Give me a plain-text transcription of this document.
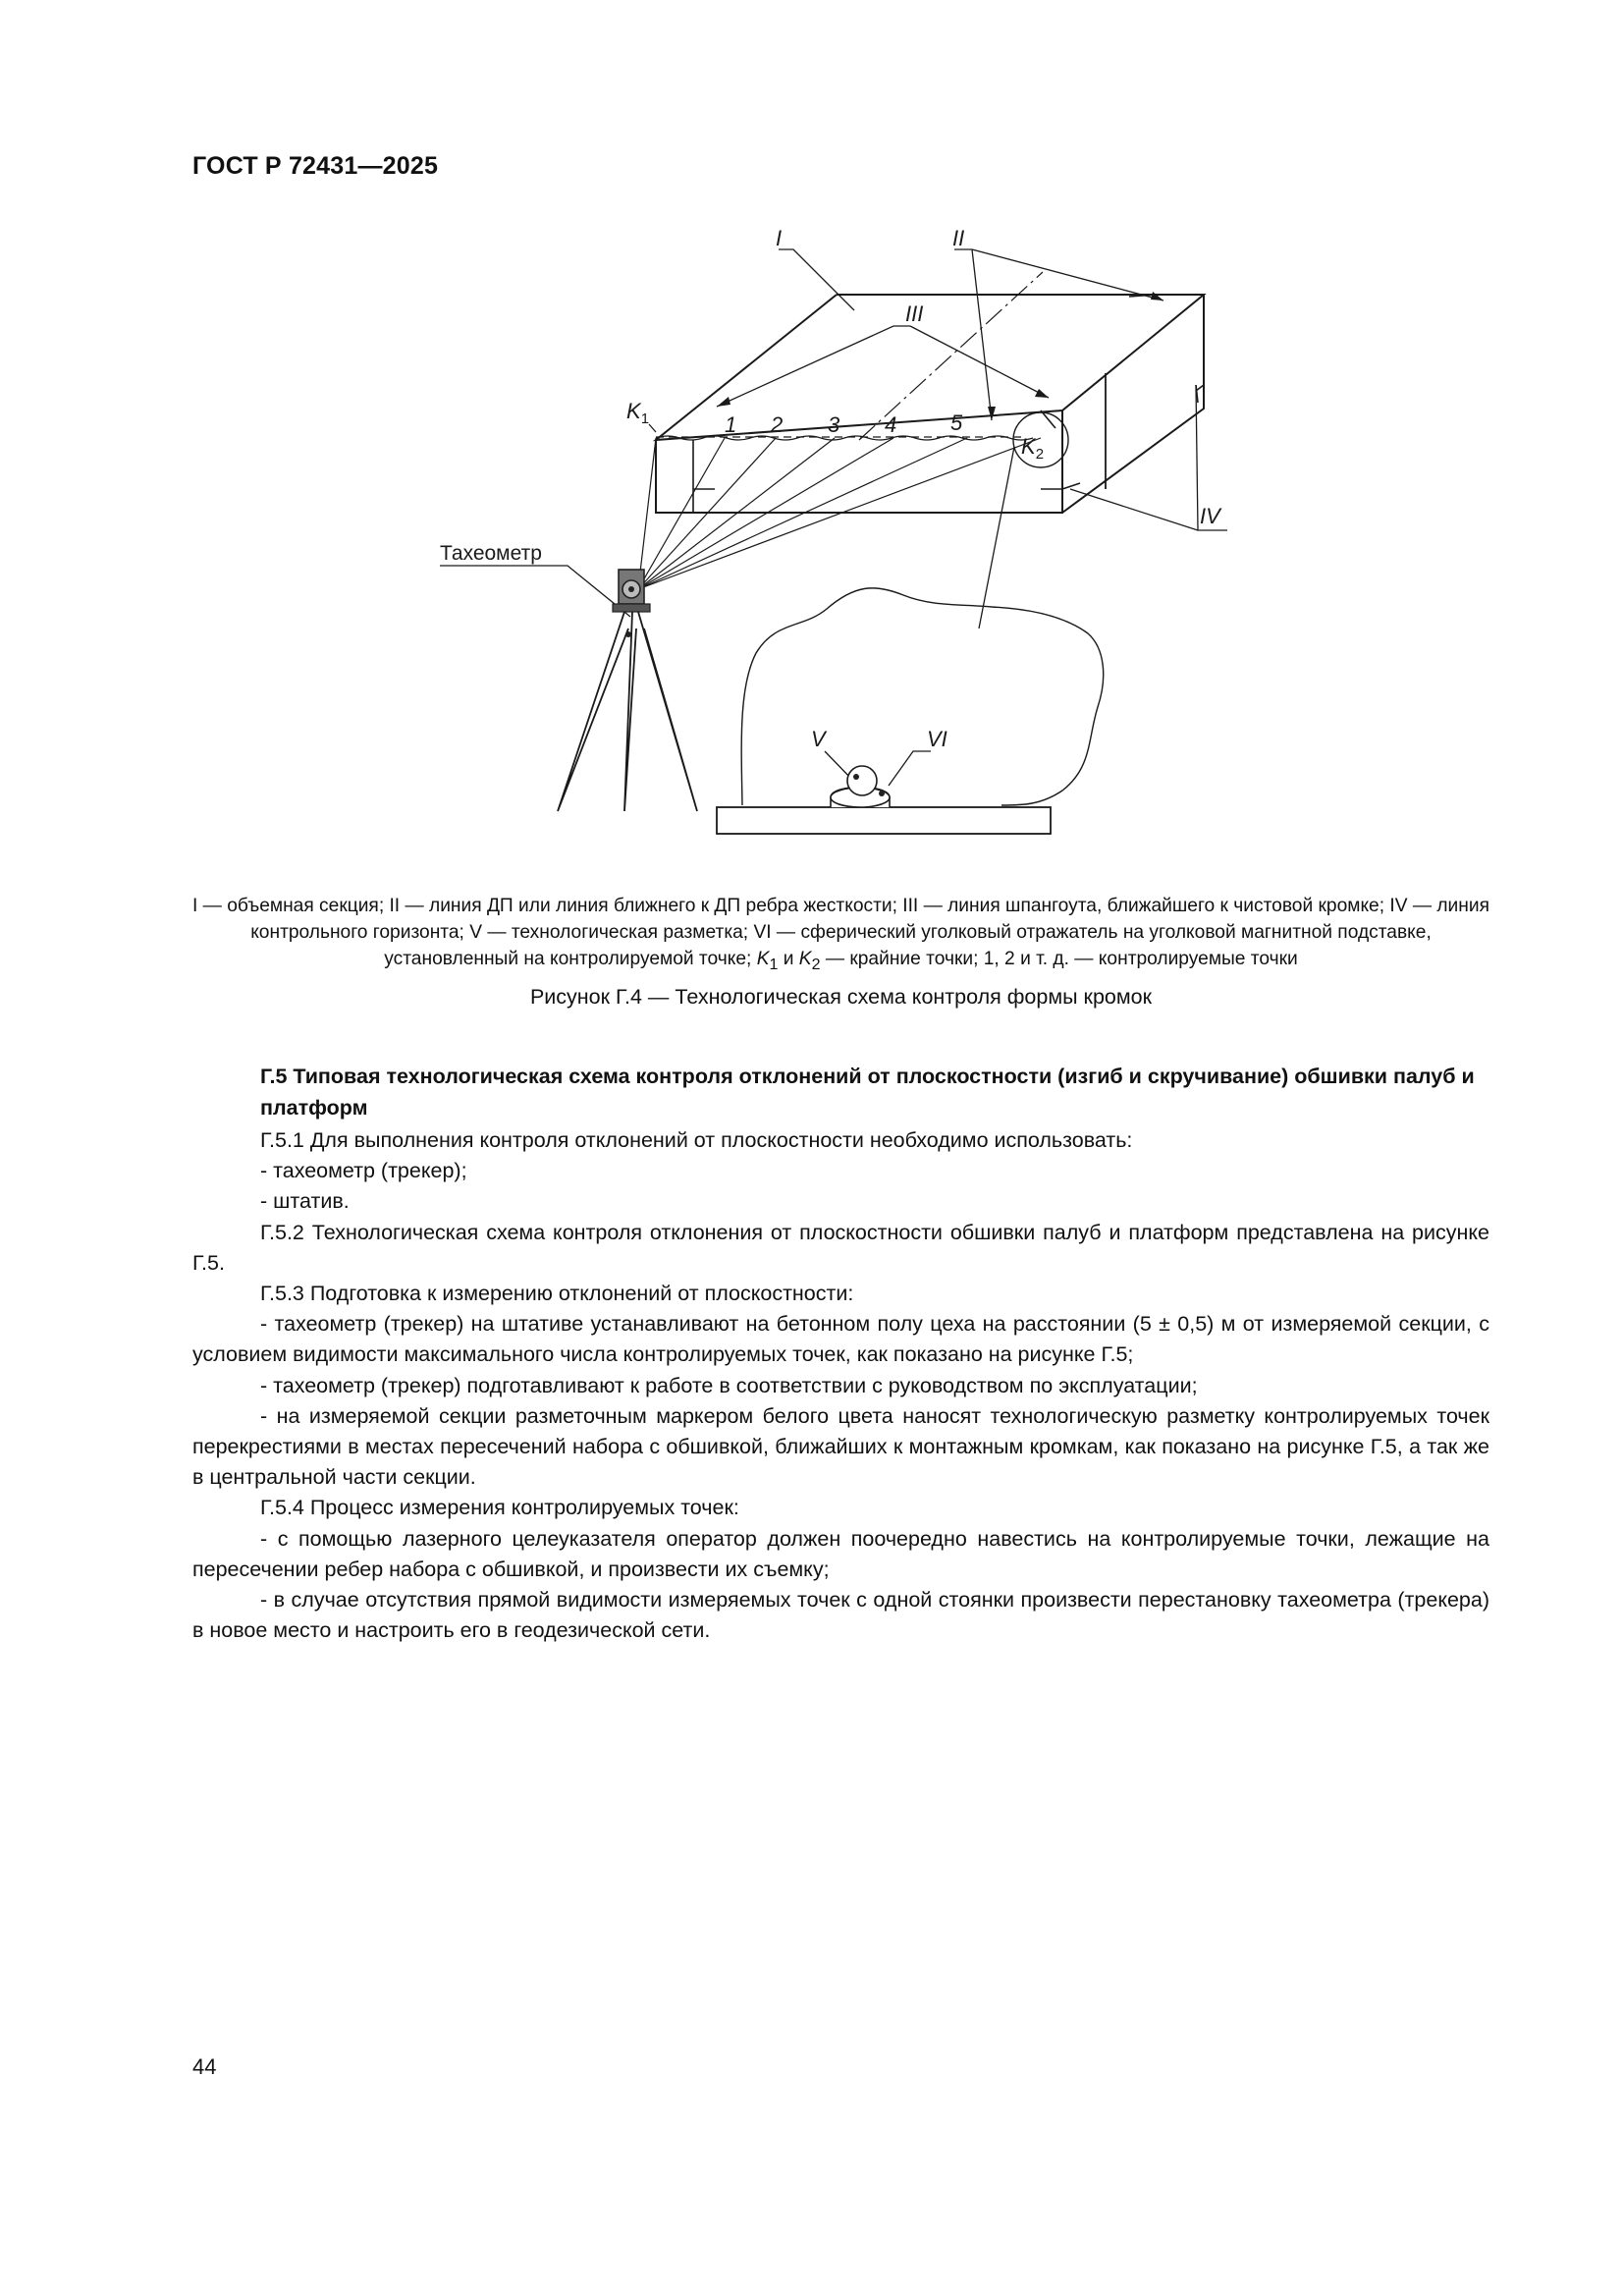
ГОСТ Р 72431—2025
I	II
III
IV
V	VI
$K_1$
$K_2$
1 2 3 4 5
Тахеометр
I — объемная секция; II — линия ДП или линия ближнего к ДП ребра жесткости; III — линия шпангоута, ближайшего к чистовой кромке; IV — линия контрольного горизонта; V — технологическая разметка; VI — сферический уголковый отражатель на уголковой магнитной подставке, установленный на контролируемой точке; $K_1$ и $K_2$ — крайние точки; 1, 2 и т. д. — контролируемые точки
Рисунок Г.4 — Технологическая схема контроля формы кромок
Г.5 Типовая технологическая схема контроля отклонений от плоскостности (изгиб и скручивание) обшивки палуб и платформ

Г.5.1 Для выполнения контроля отклонений от плоскостности необходимо использовать:

- тахеометр (трекер);

- штатив.

Г.5.2 Технологическая схема контроля отклонения от плоскостности обшивки палуб и платформ представлена на рисунке Г.5.

Г.5.3 Подготовка к измерению отклонений от плоскостности:

- тахеометр (трекер) на штативе устанавливают на бетонном полу цеха на расстоянии (5 ± 0,5) м от измеряемой секции, с условием видимости максимального числа контролируемых точек, как показано на рисунке Г.5;

- тахеометр (трекер) подготавливают к работе в соответствии с руководством по эксплуатации;

- на измеряемой секции разметочным маркером белого цвета наносят технологическую разметку контролируемых точек перекрестиями в местах пересечений набора с обшивкой, ближайших к монтажным кромкам, как показано на рисунке Г.5, а так же в центральной части секции.

Г.5.4 Процесс измерения контролируемых точек:

- с помощью лазерного целеуказателя оператор должен поочередно навестись на контролируемые точки, лежащие на пересечении ребер набора с обшивкой, и произвести их съемку;

- в случае отсутствия прямой видимости измеряемых точек с одной стоянки произвести перестановку тахеометра (трекера) в новое место и настроить его в геодезической сети.

44
